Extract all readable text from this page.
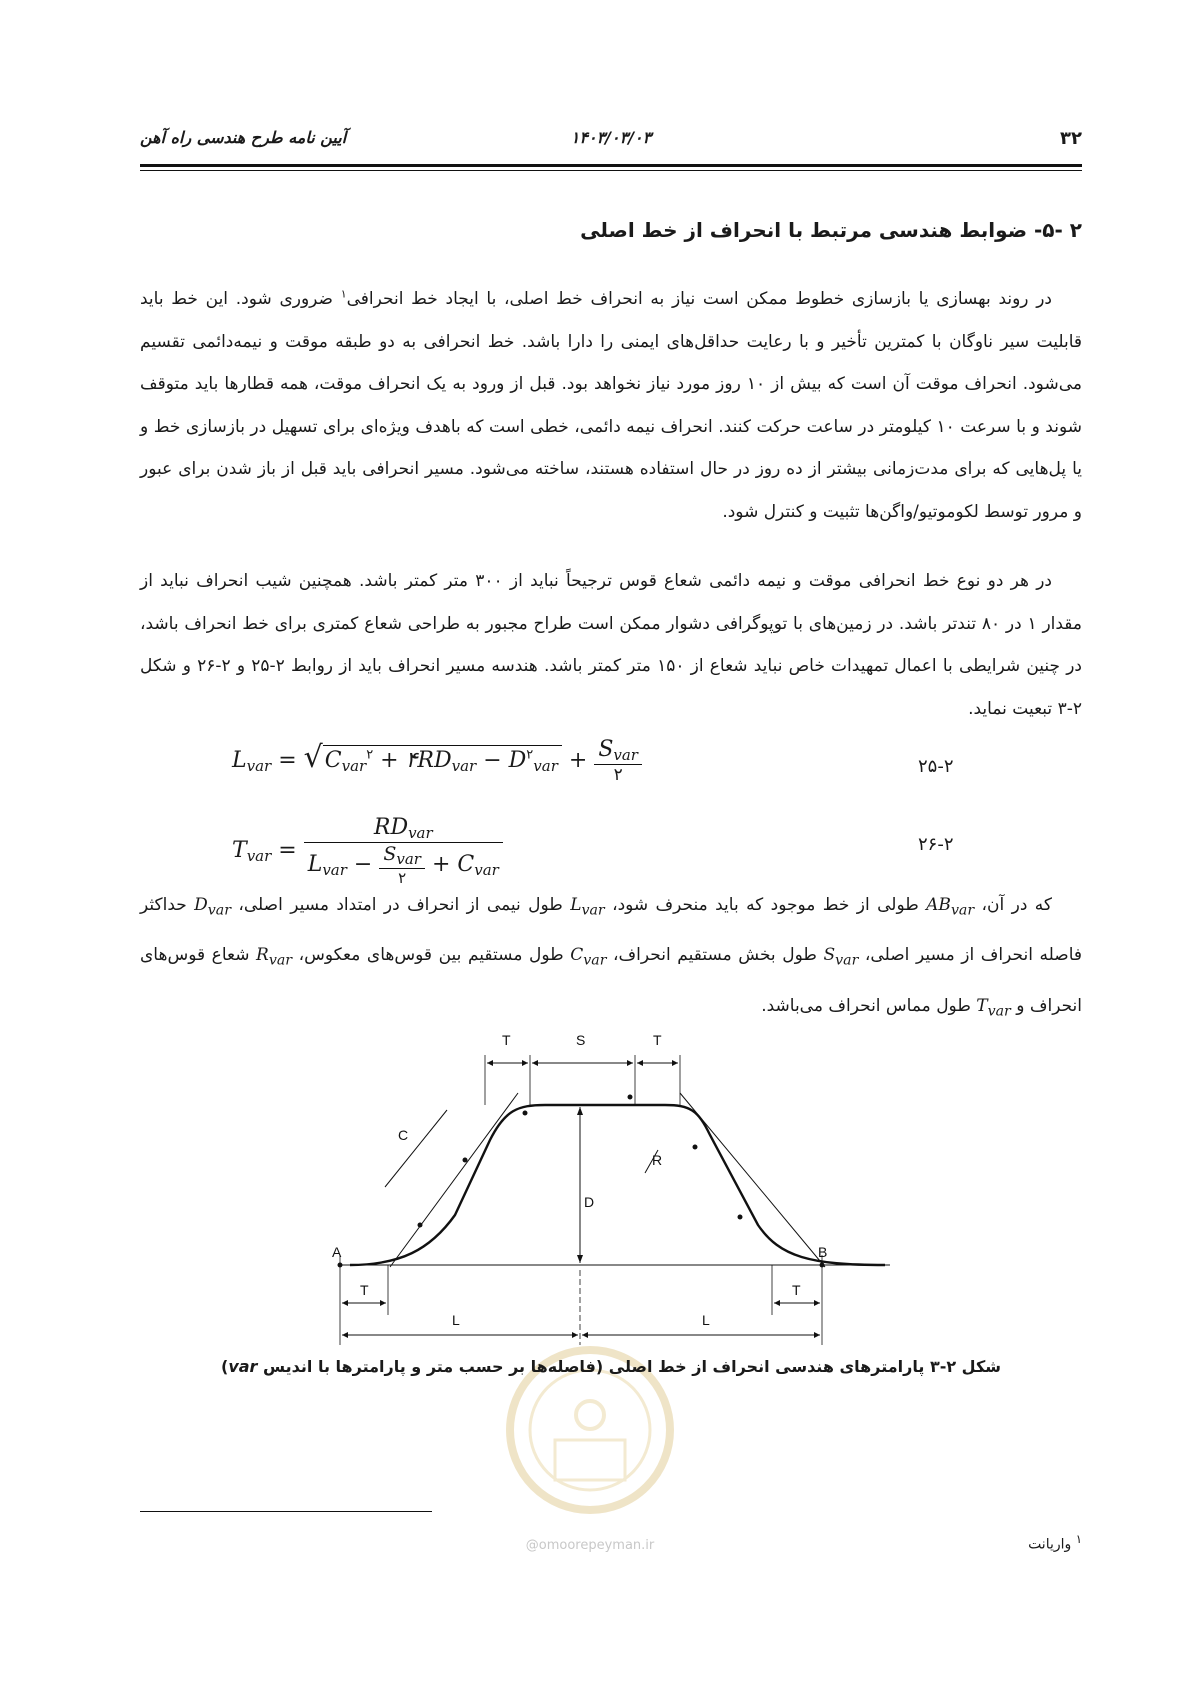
۳۲
۱۴۰۳/۰۳/۰۳
آیین نامه طرح هندسی راه آهن
۲ -۵- ضوابط هندسی مرتبط با انحراف از خط اصلی
در روند بهسازی یا بازسازی خطوط ممکن است نیاز به انحراف خط اصلی، با ایجاد خط انحرافی$^۱$ ضروری شود. این خط باید قابلیت سیر ناوگان با کمترین تأخیر و با رعایت حداقل‌های ایمنی را دارا باشد. خط انحرافی به دو طبقه موقت و نیمه‌دائمی تقسیم می‌شود. انحراف موقت آن است که بیش از ۱۰ روز مورد نیاز نخواهد بود. قبل از ورود به یک انحراف موقت، همه قطارها باید متوقف شوند و با سرعت ۱۰ کیلومتر در ساعت حرکت کنند. انحراف نیمه دائمی، خطی است که باهدف ویژه‌ای برای تسهیل در بازسازی خط و یا پل‌هایی که برای مدت‌زمانی بیشتر از ده روز در حال استفاده هستند، ساخته می‌شود. مسیر انحرافی باید قبل از باز شدن برای عبور و مرور توسط لکوموتیو/واگن‌ها تثبیت و کنترل شود.
در هر دو نوع خط انحرافی موقت و نیمه دائمی شعاع قوس ترجیحاً نباید از ۳۰۰ متر کمتر باشد. همچنین شیب انحراف نباید از مقدار ۱ در ۸۰ تندتر باشد. در زمین‌های با توپوگرافی دشوار ممکن است طراح مجبور به طراحی شعاع کمتری برای خط انحراف باشد، در چنین شرایطی با اعمال تمهیدات خاص نباید شعاع از ۱۵۰ متر کمتر باشد. هندسه مسیر انحراف باید از روابط ۲-۲۵ و ۲-۲۶ و شکل ۲-۳ تبعیت نماید.
$L_{var} = √C_{var}^۲$ + $۴RD_{var} - D^۲_{var} + \frac{S_{var}}{۲}$	۲۵-۲
$T_{var} = \frac{RD_{var}}{L_{var} - \frac{S_{var}}{۲} + C_{var}}$	۲۶-۲
که در آن، $AB_{var}$ طولی از خط موجود که باید منحرف شود، $L_{var}$ طول نیمی از انحراف در امتداد مسیر اصلی، $D_{var}$ حداکثر فاصله انحراف از مسیر اصلی، $S_{var}$ طول بخش مستقیم انحراف، $C_{var}$ طول مستقیم بین قوس‌های معکوس، $R_{var}$ شعاع قوس‌های انحراف و $T_{var}$ طول مماس انحراف می‌باشد.
T	S	T
C
D
R
A	B
T	T
L	L
@omoorepeyman.ir
شکل ۲-۳ پارامترهای هندسی انحراف از خط اصلی (فاصله‌ها بر حسب متر و پارامترها با اندیس var)
$^۱$ واریانت
